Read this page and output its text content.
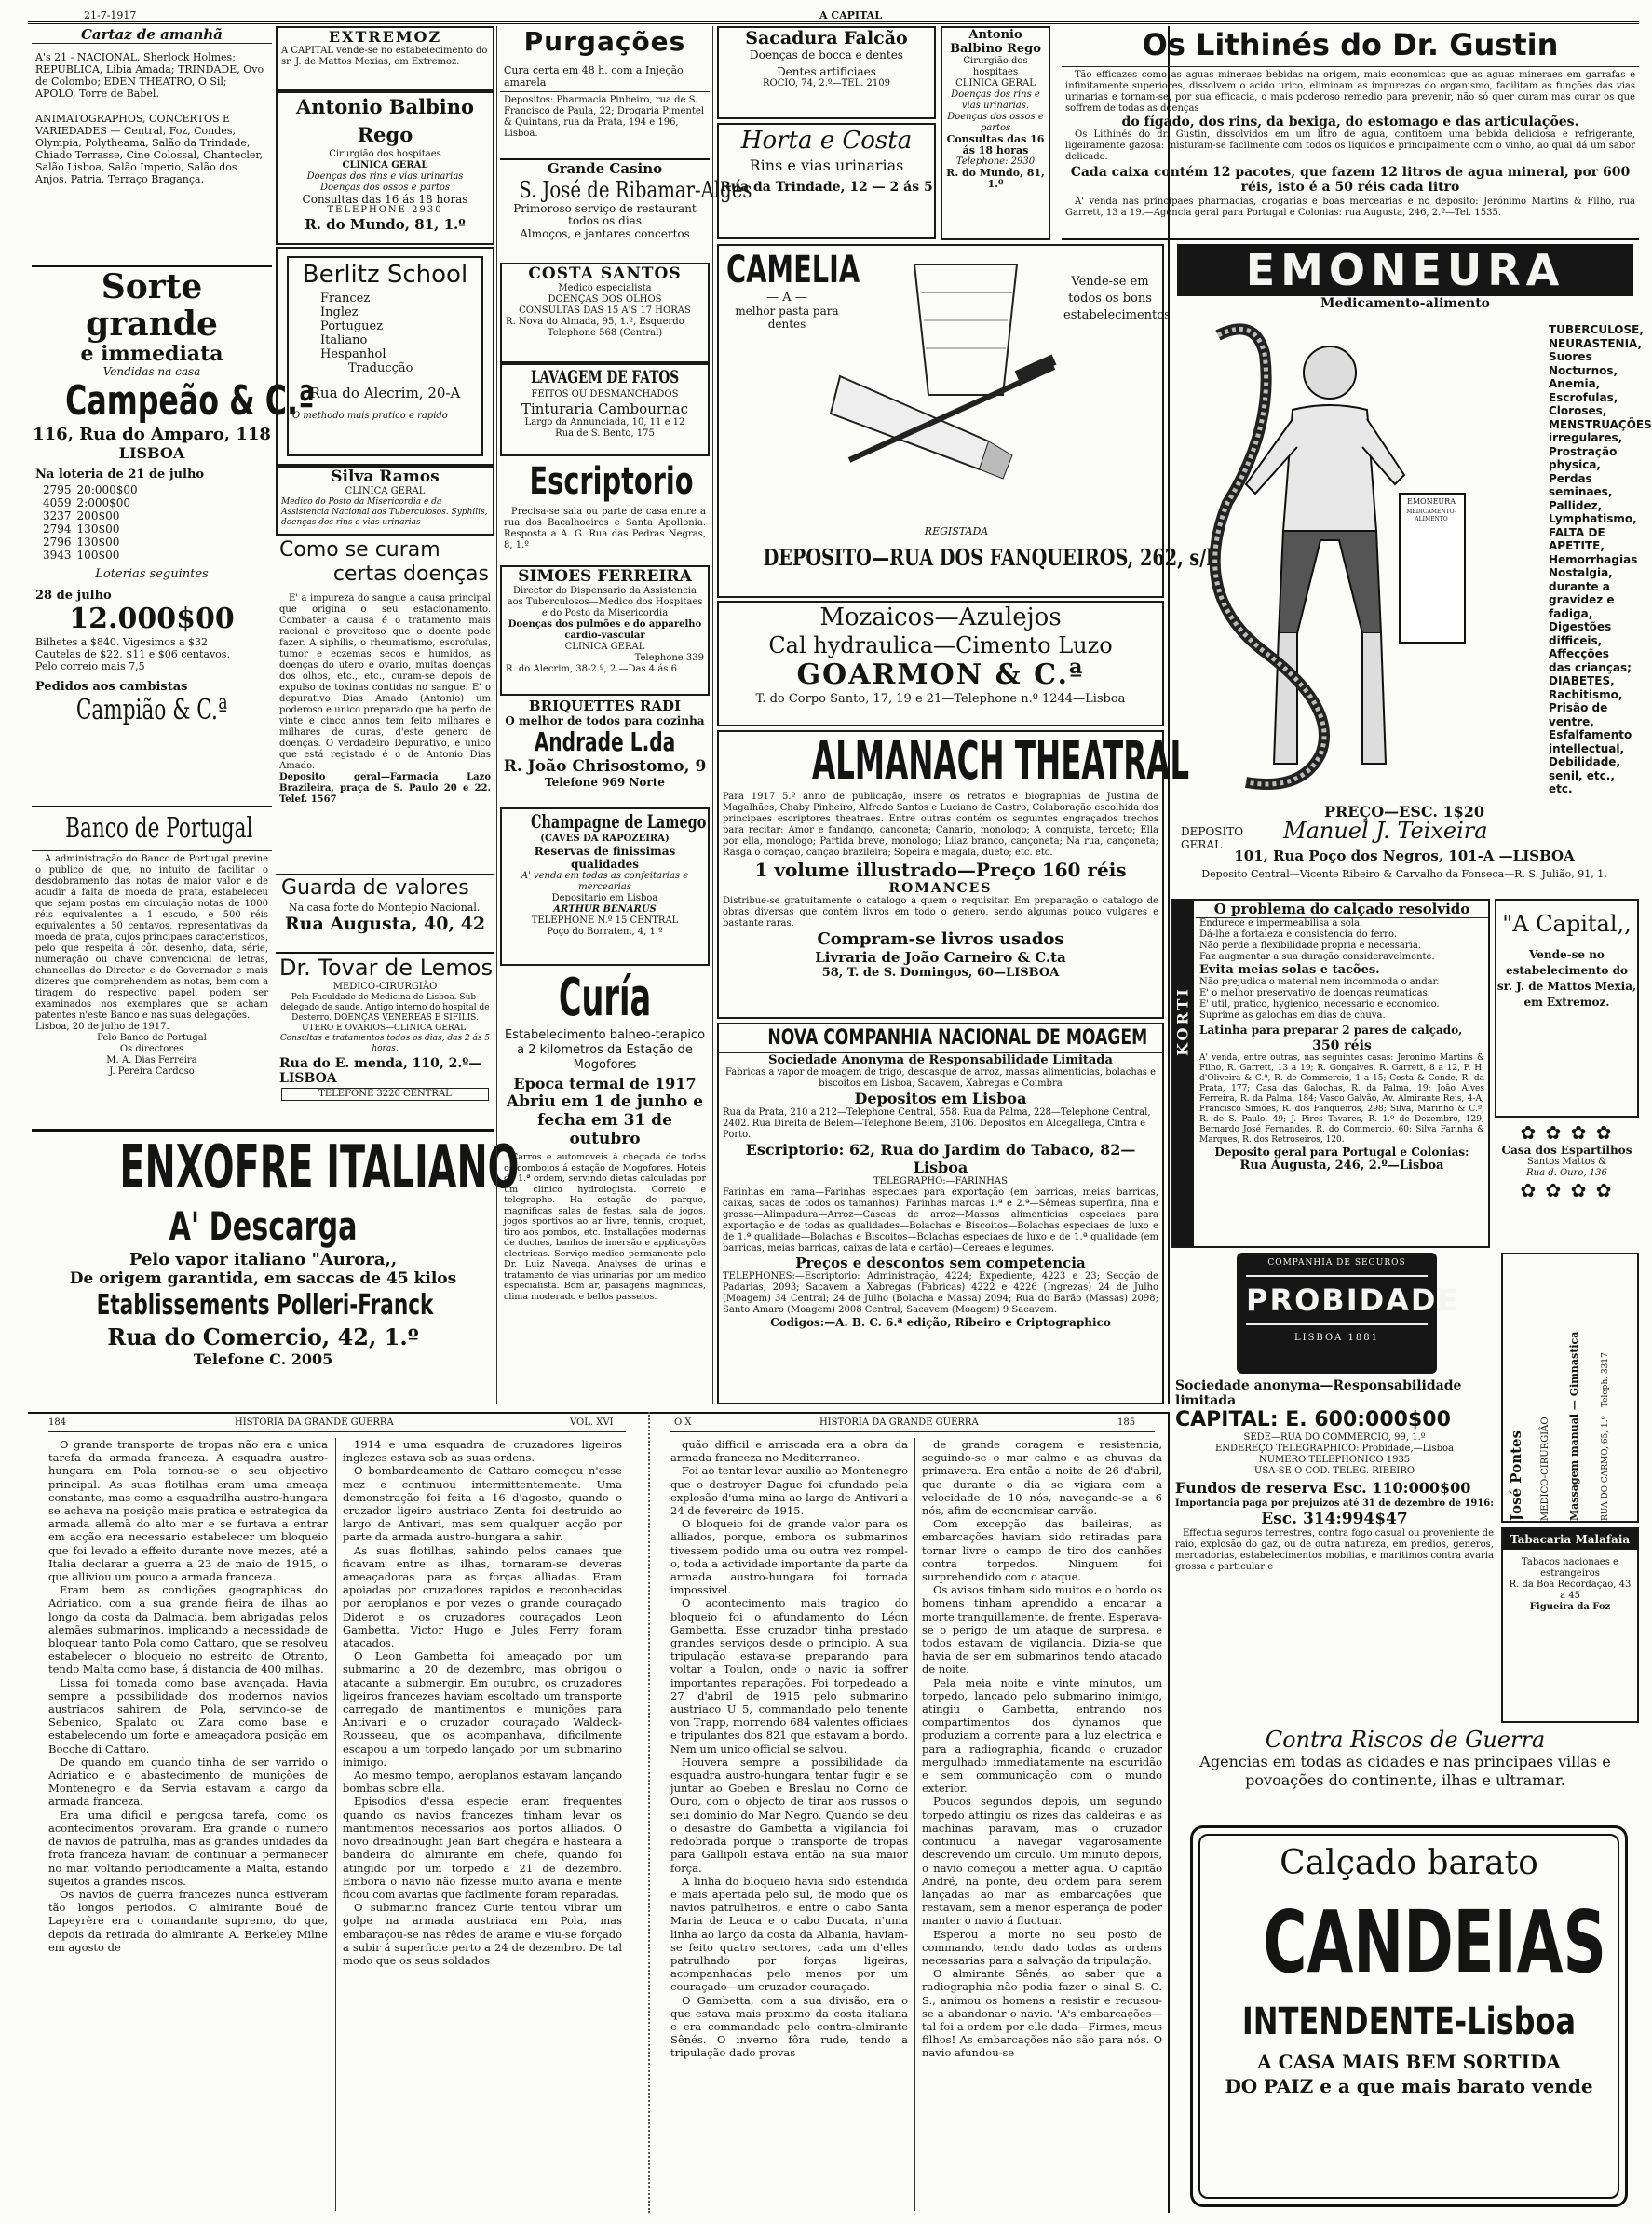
21-7-1917	A CAPITAL
Cartaz de amanhã
A's 21 - NACIONAL, Sherlock Holmes; REPUBLICA, Libia Amada; TRINDADE, Ovo de Colombo; EDEN THEATRO, O Sil; APOLO, Torre de Babel.
ANIMATOGRAPHOS, CONCERTOS E VARIEDADES — Central, Foz, Condes, Olympia, Polytheama, Salão da Trindade, Chiado Terrasse, Cine Colossal, Chantecler, Salão Lisboa, Salão Imperio, Salão dos Anjos, Patria, Terraço Bragança.
Sorte grande
e immediata
Vendidas na casa
Campeão & C.ª
116, Rua do Amparo, 118
LISBOA
Na loteria de 21 de julho
2795	20:000$00
4059	2:000$00
3237	200$00
2794	130$00
2796	130$00
3943	100$00
Loterias seguintes
28 de julho
12.000$00
Bilhetes a $840. Vigesimos a $32
Cautelas de $22, $11 e $06 centavos.
Pelo correio mais 7,5
Pedidos aos cambistas
Campião & C.ª
Banco de Portugal
A administração do Banco de Portugal previne o publico de que, no intuito de facilitar o desdobramento das notas de maior valor e de acudir á falta de moeda de prata, estabeleceu que sejam postas em circulação notas de 1000 réis equivalentes a 1 escudo, e 500 réis equivalentes a 50 centavos, representativas da moeda de prata, cujos principaes caracteristicos, pelo que respeita á côr, desenho, data, série, numeração ou chave convencional de letras, chancellas do Director e do Governador e mais dizeres que comprehendem as notas, bem com a tiragem do respectivo papel, podem ser examinados nos exemplares que se acham patentes n'este Banco e nas suas delegações.
Lisboa, 20 de julho de 1917.
Pelo Banco de Portugal
Os directores
M. A. Dias Ferreira
J. Pereira Cardoso
EXTREMOZ
A CAPITAL vende-se no estabelecimento do sr. J. de Mattos Mexias, em Extremoz.
Antonio Balbino Rego
Cirurgião dos hospitaes
CLINICA GERAL
Doenças dos rins e vias urinarias
Doenças dos ossos e partos
Consultas das 16 ás 18 horas
TELEPHONE 2930
R. do Mundo, 81, 1.º
Berlitz School
Francez
Inglez
Portuguez
Italiano
Hespanhol
Traducção
Rua do Alecrim, 20-A
O methodo mais pratico e rapido
Silva Ramos
CLINICA GERAL
Medico do Posto da Misericordia e da Assistencia Nacional aos Tuberculosos. Syphilis, doenças dos rins e vias urinarias
Como se curam
certas doenças
E' a impureza do sangue a causa principal que origina o seu estacionamento. Combater a causa é o tratamento mais racional e proveitoso que o doente pode fazer. A siphilis, o rheumatismo, escrofulas, tumor e eczemas secos e humidos, as doenças do utero e ovario, muitas doenças dos olhos, etc., etc., curam-se depois de expulso de toxinas contidas no sangue. E' o depurativo Dias Amado (Antonio) um poderoso e unico preparado que ha perto de vinte e cinco annos tem feito milhares e milhares de curas, d'este genero de doenças. O verdadeiro Depurativo, e unico que está registado é o de Antonio Dias Amado.
Deposito geral—Farmacia Lazo Brazileira, praça de S. Paulo 20 e 22. Telef. 1567
Guarda de valores
Na casa forte do Montepio Nacional.
Rua Augusta, 40, 42
Dr. Tovar de Lemos
MEDICO-CIRURGIÃO
Pela Faculdade de Medicina de Lisboa. Sub-delegado de saude. Antigo interno do hospital de Desterro. DOENÇAS VENEREAS E SIFILIS. UTERO E OVARIOS—CLINICA GERAL.
Consultas e tratamentos todos os dias, das 2 ás 5 horas.
Rua do E. menda, 110, 2.º—LISBOA
TELEFONE 3220 CENTRAL
ENXOFRE ITALIANO
A' Descarga
Pelo vapor italiano "Aurora,,
De origem garantida, em saccas de 45 kilos
Etablissements Polleri-Franck
Rua do Comercio, 42, 1.º
Telefone C. 2005
Purgações
Cura certa em 48 h. com a Injeção amarela
Depositos: Pharmacia Pinheiro, rua de S. Francisco de Paula, 22; Drogaria Pimentel & Quintans, rua da Prata, 194 e 196, Lisboa.
Grande Casino
S. José de Ribamar-Algés
Primoroso serviço de restaurant todos os dias
Almoços, e jantares concertos
COSTA SANTOS
Medico especialista
DOENÇAS DOS OLHOS
CONSULTAS DAS 15 A'S 17 HORAS
R. Nova do Almada, 95, 1.º, Esquerdo
Telephone 568 (Central)
LAVAGEM DE FATOS
FEITOS OU DESMANCHADOS
Tinturaria Cambournac
Largo da Annunciada, 10, 11 e 12
Rua de S. Bento, 175
Escriptorio
Precisa-se sala ou parte de casa entre a rua dos Bacalhoeiros e Santa Apollonia. Resposta a A. G. Rua das Pedras Negras, 8, 1.º
SIMOES FERREIRA
Director do Dispensario da Assistencia aos Tuberculosos—Medico dos Hospitaes e do Posto da Misericordia
Doenças dos pulmões e do apparelho cardio-vascular
CLINICA GERAL
Telephone 339
R. do Alecrim, 38-2.º, 2.—Das 4 ás 6
BRIQUETTES RADI
O melhor de todos para cozinha
Andrade L.da
R. João Chrisostomo, 9
Telefone 969 Norte
Champagne de Lamego
(CAVES DA RAPOZEIRA)
Reservas de finissimas qualidades
A' venda em todas as confeitarias e mercearias
Depositario em Lisboa
ARTHUR BENARUS
TELEPHONE N.º 15 CENTRAL
Poço do Borratem, 4, 1.º
Curía
Estabelecimento balneo-terapico a 2 kilometros da Estação de Mogofores
Epoca termal de 1917
Abriu em 1 de junho e fecha em 31 de outubro
Carros e automoveis á chegada de todos os comboios á estação de Mogofores. Hoteis de 1.ª ordem, servindo dietas calculadas por um clinico hydrologista. Correio e telegrapho. Ha estação de parque, magnificas salas de festas, sala de jogos, jogos sportivos ao ar livre, tennis, croquet, tiro aos pombos, etc. Installações modernas de duches, banhos de imersão e applicações electricas. Serviço medico permanente pelo Dr. Luiz Navega. Analyses de urinas e tratamento de vias urinarias por um medico especialista. Bom ar, paisagens magnificas, clima moderado e bellos passeios.
Sacadura Falcão
Doenças de bocca e dentes
Dentes artificiaes
ROCIO, 74, 2.º—TEL. 2109
Horta e Costa
Rins e vias urinarias
Rua da Trindade, 12 — 2 ás 5
Antonio Balbino Rego
Cirurgião dos hospitaes
CLINICA GERAL
Doenças dos rins e vias urinarias. Doenças dos ossos e partos
Consultas das 16 ás 18 horas
Telephone: 2930
R. do Mundo, 81, 1.º
CAMELIA
— A —
melhor pasta para dentes
Vende-se em todos os bons estabelecimentos
REGISTADA
DEPOSITO—RUA DOS FANQUEIROS, 262, s/l.
Mozaicos—Azulejos
Cal hydraulica—Cimento Luzo
GOARMON & C.ª
T. do Corpo Santo, 17, 19 e 21—Telephone n.º 1244—Lisboa
ALMANACH THEATRAL
Para 1917 5.º anno de publicação, insere os retratos e biographias de Justina de Magalhães, Chaby Pinheiro, Alfredo Santos e Luciano de Castro, Colaboração escolhida dos principaes escriptores theatraes. Entre outras contém os seguintes engraçados trechos para recitar: Amor e fandango, cançoneta; Canario, monologo; A conquista, terceto; Ella por ella, monologo; Partida breve, monologo; Lilaz branco, cançoneta; Na rua, cançoneta; Rasga o coração, canção brazileira; Sopeira e magala, dueto; etc. etc.
1 volume illustrado—Preço 160 réis
ROMANCES
Distribue-se gratuitamente o catalogo a quem o requisitar. Em preparação o catalogo de obras diversas que contém livros em todo o genero, sendo algumas pouco vulgares e bastante raras.
Compram-se livros usados
Livraria de João Carneiro & C.ta
58, T. de S. Domingos, 60—LISBOA
NOVA COMPANHIA NACIONAL DE MOAGEM
Sociedade Anonyma de Responsabilidade Limitada
Fabricas a vapor de moagem de trigo, descasque de arroz, massas alimenticias, bolachas e biscoitos em Lisboa, Sacavem, Xabregas e Coimbra
Depositos em Lisboa
Rua da Prata, 210 a 212—Telephone Central, 558. Rua da Palma, 228—Telephone Central, 2402. Rua Direita de Belem—Telephone Belem, 3106. Depositos em Alcegallega, Cintra e Porto.
Escriptorio: 62, Rua do Jardim do Tabaco, 82—Lisboa
TELEGRAPHO:—FARINHAS
Farinhas em rama—Farinhas especiaes para exportação (em barricas, meias barricas, caixas, sacas de todos os tamanhos). Farinhas marcas 1.ª e 2.ª—Sêmeas superfina, fina e grossa—Alimpadura—Arroz—Cascas de arroz—Massas alimenticias especiaes para exportação e de todas as qualidades—Bolachas e Biscoitos—Bolachas especiaes de luxo e de 1.ª qualidade—Bolachas e Biscoitos—Bolachas especiaes de luxo e de 1.ª qualidade (em barricas, meias barricas, caixas de lata e cartão)—Cereaes e legumes.
Preços e descontos sem competencia
TELEPHONES:—Escriptorio: Administração, 4224; Expediente, 4223 e 23; Secção de Padarias, 2093; Sacavem a Xabregas (Fabricas) 4222 e 4226 (Ingrezas) 24 de Julho (Moagem) 34 Central; 24 de Julho (Bolacha e Massa) 2094; Rua do Barão (Massas) 2098; Santo Amaro (Moagem) 2008 Central; Sacavem (Moagem) 9 Sacavem.
Codigos:—A. B. C. 6.ª edição, Ribeiro e Criptographico
Os Lithinés do Dr. Gustin
Tão efficazes como as aguas mineraes bebidas na origem, mais economicas que as aguas mineraes em garrafas e infinitamente superiores, dissolvem o acido urico, eliminam as impurezas do organismo, facilitam as funções das vias urinarias e tornam-se, por sua efficacia, o mais poderoso remedio para prevenir, não só quer curam mas curar os que soffrem de todas as doenças
do fígado, dos rins, da bexiga, do estomago e das articulações.
Os Lithinés do dr. Gustin, dissolvidos em um litro de agua, contitoem uma bebida deliciosa e refrigerante, ligeiramente gazosa: misturam-se facilmente com todos os liquidos e principalmente com o vinho, ao qual dá um sabor delicado.
Cada caixa contém 12 pacotes, que fazem 12 litros de agua mineral, por 600 réis, isto é a 50 réis cada litro
A' venda nas principaes pharmacias, drogarias e boas mercearias e no deposito: Jerónimo Martins & Filho, rua Garrett, 13 a 19.—Agencia geral para Portugal e Colonias: rua Augusta, 246, 2.º—Tel. 1535.
EMONEURA
Medicamento-alimento
EMONEURA
MEDICAMENTO-ALIMENTO
TUBERCULOSE, NEURASTENIA, Suores Nocturnos, Anemia, Escrofulas, Cloroses, MENSTRUAÇÕES irregulares, Prostração physica, Perdas seminaes, Pallidez, Lymphatismo, FALTA DE APETITE, Hemorrhagias Nostalgia, durante a gravidez e fadiga, Digestões difficeis, Affecções das crianças; DIABETES, Rachitismo, Prisão de ventre, Esfalfamento intellectual, Debilidade, senil, etc., etc.
PREÇO—ESC. 1$20
DEPOSITO GERAL
Manuel J. Teixeira
101, Rua Poço dos Negros, 101-A —LISBOA
Deposito Central—Vicente Ribeiro & Carvalho da Fonseca—R. S. Julião, 91, 1.
KORTI
O problema do calçado resolvido
Endurece e impermeabilisa a sola.
Dá-lhe a fortaleza e consistencia do ferro.
Não perde a flexibilidade propria e necessaria.
Faz augmentar a sua duração consideravelmente.
Evita meias solas e tacões.
Não prejudica o material nem incommoda o andar.
E' o melhor preservativo de doenças reumaticas.
E' util, pratico, hygienico, necessario e economico.
Suprime as galochas em dias de chuva.
Latinha para preparar 2 pares de calçado,
350 réis
A' venda, entre outras, nas seguintes casas: Jeronimo Martins & Filho, R. Garrett, 13 a 19; R. Gonçalves, R. Garrett, 8 a 12, F. H. d'Oliveira & C.ª, R. de Commercio, 1 a 15; Costa & Conde, R. da Prata, 177; Casa das Galochas, R. da Palma, 19; João Alves Ferreira, R. da Palma, 184; Vasco Galvão, Av. Almirante Reis, 4-A; Francisco Simões, R. dos Fanqueiros, 298; Silva, Marinho & C.ª, R. de S. Paulo, 49; J. Pires Tavares, R. 1.º de Dezembro, 129; Bernardo José Fernandes, R. do Commercio, 60; Silva Farinha & Marques, R. dos Retroseiros, 120.
Deposito geral para Portugal e Colonias:
Rua Augusta, 246, 2.º—Lisboa
"A Capital,,
Vende-se no estabelecimento do sr. J. de Mattos Mexia, em Extremoz.
✿ ✿ ✿ ✿
Casa dos Espartilhos
Santos Mattos &
Rua d. Ouro, 136
✿ ✿ ✿ ✿
COMPANHIA DE SEGUROS
PROBIDADE
LISBOA 1881
Sociedade anonyma—Responsabilidade limitada
CAPITAL: E. 600:000$00
SEDE—RUA DO COMMERCIO, 99, 1.º
ENDEREÇO TELEGRAPHICO: Probidade,—Lisboa
NUMERO TELEPHONICO 1935
USA-SE O COD. TELEG. RIBEIRO
Fundos de reserva Esc. 110:000$00
Importancia paga por prejuizos até 31 de dezembro de 1916:
Esc. 314:994$47
Effectua seguros terrestres, contra fogo casual ou proveniente de raio, explosão do gaz, ou de outra natureza, em predios, generos, mercadorias, estabelecimentos mobilias, e maritimos contra avaria grossa e particular e
Contra Riscos de Guerra
Agencias em todas as cidades e nas principaes villas e povoações do continente, ilhas e ultramar.
José Pontes	MEDICO-CIRURGIÃO Massagem manual — Gimnastica RUA DO CARMO, 65, 1.º—Teleph. 3317
Tabacaria Malafaia
Tabacos nacionaes e estrangeiros
R. da Boa Recordação, 43 a 45
Figueira da Foz
Calçado barato
CANDEIAS
INTENDENTE-Lisboa
A CASA MAIS BEM SORTIDA
DO PAIZ e a que mais barato vende
184	HISTORIA DA GRANDE GUERRA	VOL. XVI	O X	HISTORIA DA GRANDE GUERRA	185

O grande transporte de tropas não era a unica tarefa da armada franceza. A esquadra austro-hungara em Pola tornou-se o seu objectivo principal. As suas flotilhas eram uma ameaça constante, mas como a esquadrilha austro-hungara se achava na posição mais pratica e estrategica da armada allemã do alto mar e se furtava a entrar em acção era necessario estabelecer um bloqueio que foi levado a effeito durante nove mezes, até a Italia declarar a guerra a 23 de maio de 1915, o que alliviou um pouco a armada franceza.

Eram bem as condições geographicas do Adriatico, com a sua grande fieira de ilhas ao longo da costa da Dalmacia, bem abrigadas pelos alemães submarinos, implicando a necessidade de bloquear tanto Pola como Cattaro, que se resolveu estabelecer o bloqueio no estreito de Otranto, tendo Malta como base, á distancia de 400 milhas.

Lissa foi tomada como base avançada. Havia sempre a possibilidade dos modernos navios austriacos sahirem de Pola, servindo-se de Sebenico, Spalato ou Zara como base e estabelecendo um forte e ameaçadora posição em Bocche di Cattaro.

De quando em quando tinha de ser varrido o Adriatico e o abastecimento de munições de Montenegro e da Servia estavam a cargo da armada franceza.

Era uma dificil e perigosa tarefa, como os acontecimentos provaram. Era grande o numero de navios de patrulha, mas as grandes unidades da frota franceza haviam de continuar a permanecer no mar, voltando periodicamente a Malta, estando sujeitos a grandes riscos.

Os navios de guerra francezes nunca estiveram tão longos periodos. O almirante Boué de Lapeyrère era o comandante supremo, do que, depois da retirada do almirante A. Berkeley Milne em agosto de

1914 e uma esquadra de cruzadores ligeiros inglezes estava sob as suas ordens.

O bombardeamento de Cattaro começou n'esse mez e continuou intermittentemente. Uma demonstração foi feita a 16 d'agosto, quando o cruzador ligeiro austriaco Zenta foi destruido ao largo de Antivari, mas sem qualquer acção por parte da armada austro-hungara a sahir.

As suas flotilhas, sahindo pelos canaes que ficavam entre as ilhas, tornaram-se deveras ameaçadoras para as forças alliadas. Eram apoiadas por cruzadores rapidos e reconhecidas por aeroplanos e por vezes o grande couraçado Diderot e os cruzadores couraçados Leon Gambetta, Victor Hugo e Jules Ferry foram atacados.

O Leon Gambetta foi ameaçado por um submarino a 20 de dezembro, mas obrigou o atacante a submergir. Em outubro, os cruzadores ligeiros francezes haviam escoltado um transporte carregado de mantimentos e munições para Antivari e o cruzador couraçado Waldeck-Rousseau, que os acompanhava, dificilmente escapou a um torpedo lançado por um submarino inimigo.

Ao mesmo tempo, aeroplanos estavam lançando bombas sobre ella.

Episodios d'essa especie eram frequentes quando os navios francezes tinham levar os mantimentos necessarios aos portos alliados. O novo dreadnought Jean Bart chegára e hasteara a bandeira do almirante em chefe, quando foi atingido por um torpedo a 21 de dezembro. Embora o navio não fizesse muito avaria e mente ficou com avarias que facilmente foram reparadas.

O submarino francez Curie tentou vibrar um golpe na armada austriaca em Pola, mas embaraçou-se nas rêdes de arame e viu-se forçado a subir á superficie perto a 24 de dezembro. De tal modo que os seus soldados

quão difficil e arriscada era a obra da armada franceza no Mediterraneo.

Foi ao tentar levar auxilio ao Montenegro que o destroyer Dague foi afundado pela explosão d'uma mina ao largo de Antivari a 24 de fevereiro de 1915.

O bloqueio foi de grande valor para os alliados, porque, embora os submarinos tivessem podido uma ou outra vez rompel-o, toda a actividade importante da parte da armada austro-hungara foi tornada impossivel.

O acontecimento mais tragico do bloqueio foi o afundamento do Léon Gambetta. Esse cruzador tinha prestado grandes serviços desde o principio. A sua tripulação estava-se preparando para voltar a Toulon, onde o navio ia soffrer importantes reparações. Foi torpedeado a 27 d'abril de 1915 pelo submarino austriaco U 5, commandado pelo tenente von Trapp, morrendo 684 valentes officiaes e tripulantes dos 821 que estavam a bordo. Nem um unico official se salvou.

Houvera sempre a possibilidade da esquadra austro-hungara tentar fugir e se juntar ao Goeben e Breslau no Corno de Ouro, com o objecto de tirar aos russos o seu dominio do Mar Negro. Quando se deu o desastre do Gambetta a vigilancia foi redobrada porque o transporte de tropas para Gallipoli estava então na sua maior força.

A linha do bloqueio havia sido estendida e mais apertada pelo sul, de modo que os navios patrulheiros, e entre o cabo Santa Maria de Leuca e o cabo Ducata, n'uma linha ao largo da costa da Albania, haviam-se feito quatro sectores, cada um d'elles patrulhado por forças ligeiras, acompanhadas pelo menos por um couraçado—um cruzador couraçado.

O Gambetta, com a sua divisão, era o que estava mais proximo da costa italiana e era commandado pelo contra-almirante Sênés. O inverno fôra rude, tendo a tripulação dado provas

de grande coragem e resistencia, seguindo-se o mar calmo e as chuvas da primavera. Era então a noite de 26 d'abril, que durante o dia se vigiara com a velocidade de 10 nós, navegando-se a 6 nós, afim de economisar carvão.

Com excepção das baileiras, as embarcações haviam sido retiradas para tornar livre o campo de tiro dos canhões contra torpedos. Ninguem foi surprehendido com o ataque.

Os avisos tinham sido muitos e o bordo os homens tinham aprendido a encarar a morte tranquillamente, de frente. Esperava-se o perigo de um ataque de surpresa, e todos estavam de vigilancia. Dizia-se que havia de ser em submarinos tendo atacado de noite.

Pela meia noite e vinte minutos, um torpedo, lançado pelo submarino inimigo, atingiu o Gambetta, entrando nos compartimentos dos dynamos que produziam a corrente para a luz electrica e para a radiographia, ficando o cruzador mergulhado immediatamente na escuridão e sem communicação com o mundo exterior.

Poucos segundos depois, um segundo torpedo attingiu os rizes das caldeiras e as machinas paravam, mas o cruzador continuou a navegar vagarosamente descrevendo um circulo. Um minuto depois, o navio começou a metter agua. O capitão André, na ponte, deu ordem para serem lançadas ao mar as embarcações que restavam, sem a menor esperança de poder manter o navio á fluctuar.

Esperou a morte no seu posto de commando, tendo dado todas as ordens necessarias para a salvação da tripulação.

O almirante Sênés, ao saber que a radiographia não podia fazer o sinal S. O. S., animou os homens a resistir e recusou-se a abandonar o navio. 'A's embarcações—tal foi a ordem por elle dada—Firmes, meus filhos! As embarcações não são para nós. O navio afundou-se
